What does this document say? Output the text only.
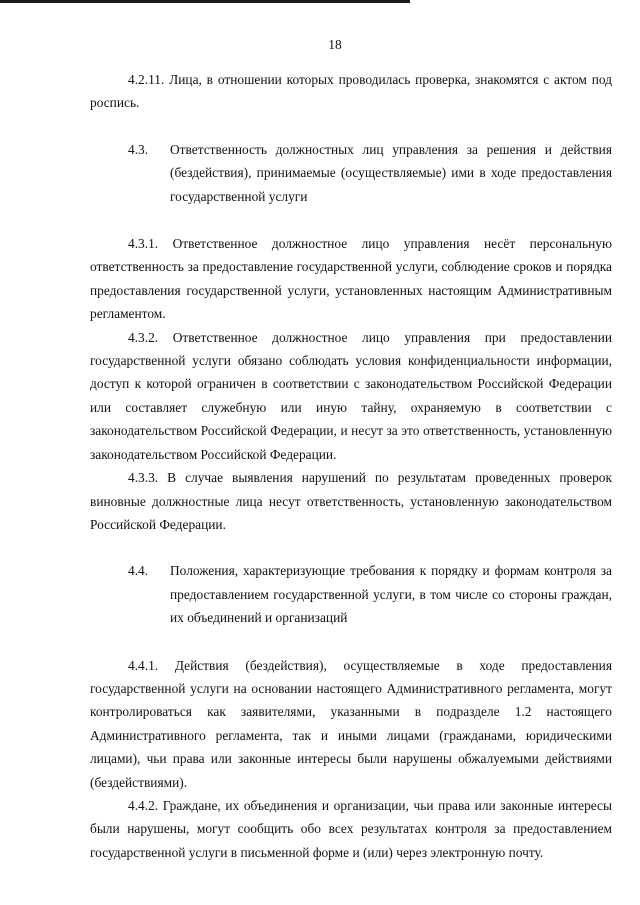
18

4.2.11. Лица, в отношении которых проводилась проверка, знакомятся с актом под роспись.

4.3.	Ответственность должностных лиц управления за решения и действия (бездействия), принимаемые (осуществляемые) ими в ходе предоставления государственной услуги

4.3.1. Ответственное должностное лицо управления несёт персональную ответственность за предоставление государственной услуги, соблюдение сроков и порядка предоставления государственной услуги, установленных настоящим Административным регламентом.

4.3.2. Ответственное должностное лицо управления при предоставлении государственной услуги обязано соблюдать условия конфиденциальности информации, доступ к которой ограничен в соответствии с законодательством Российской Федерации или составляет служебную или иную тайну, охраняемую в соответствии с законодательством Российской Федерации, и несут за это ответственность, установленную законодательством Российской Федерации.

4.3.3. В случае выявления нарушений по результатам проведенных проверок виновные должностные лица несут ответственность, установленную законодательством Российской Федерации.

4.4.	Положения, характеризующие требования к порядку и формам контроля за предоставлением государственной услуги, в том числе со стороны граждан, их объединений и организаций

4.4.1. Действия (бездействия), осуществляемые в ходе предоставления государственной услуги на основании настоящего Административного регламента, могут контролироваться как заявителями, указанными в подразделе 1.2 настоящего Административного регламента, так и иными лицами (гражданами, юридическими лицами), чьи права или законные интересы были нарушены обжалуемыми действиями (бездействиями).

4.4.2. Граждане, их объединения и организации, чьи права или законные интересы были нарушены, могут сообщить обо всех результатах контроля за предоставлением государственной услуги в письменной форме и (или) через электронную почту.
